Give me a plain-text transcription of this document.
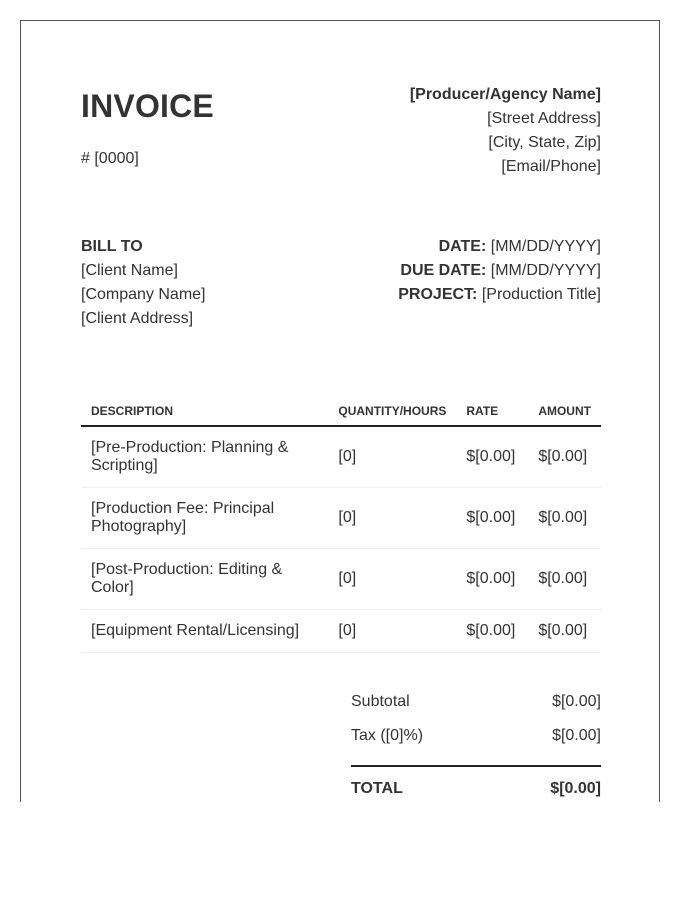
INVOICE
# [0000]
[Producer/Agency Name]
[Street Address]
[City, State, Zip]
[Email/Phone]
BILL TO
[Client Name]
[Company Name]
[Client Address]
DATE: [MM/DD/YYYY]
DUE DATE: [MM/DD/YYYY]
PROJECT: [Production Title]
DESCRIPTION	QUANTITY/HOURS	RATE	AMOUNT
[Pre-Production: Planning & Scripting]	[0]	$[0.00]	$[0.00]
[Production Fee: Principal Photography]	[0]	$[0.00]	$[0.00]
[Post-Production: Editing & Color]	[0]	$[0.00]	$[0.00]
[Equipment Rental/Licensing]	[0]	$[0.00]	$[0.00]
Subtotal	$[0.00]
Tax ([0]%)	$[0.00]
TOTAL	$[0.00]
